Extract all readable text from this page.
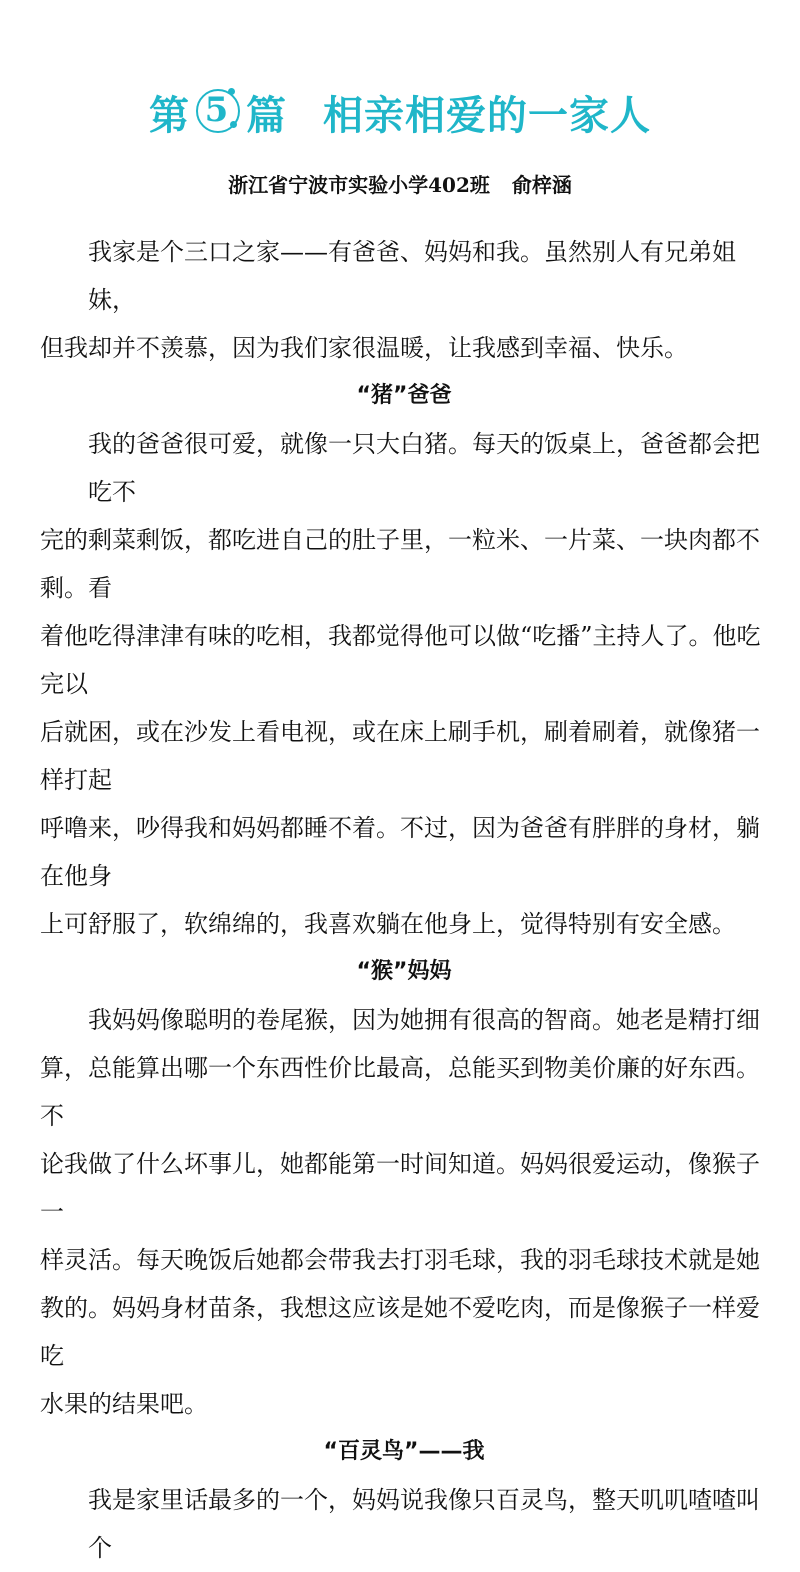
第 5 篇 相亲相爱的一家人
浙江省宁波市实验小学402班 俞梓涵
我家是个三口之家——有爸爸、妈妈和我。虽然别人有兄弟姐妹，
但我却并不羡慕，因为我们家很温暖，让我感到幸福、快乐。
“猪”爸爸
我的爸爸很可爱，就像一只大白猪。每天的饭桌上，爸爸都会把吃不
完的剩菜剩饭，都吃进自己的肚子里，一粒米、一片菜、一块肉都不剩。看
着他吃得津津有味的吃相，我都觉得他可以做“吃播”主持人了。他吃完以
后就困，或在沙发上看电视，或在床上刷手机，刷着刷着，就像猪一样打起
呼噜来，吵得我和妈妈都睡不着。不过，因为爸爸有胖胖的身材，躺在他身
上可舒服了，软绵绵的，我喜欢躺在他身上，觉得特别有安全感。
“猴”妈妈
我妈妈像聪明的卷尾猴，因为她拥有很高的智商。她老是精打细
算，总能算出哪一个东西性价比最高，总能买到物美价廉的好东西。不
论我做了什么坏事儿，她都能第一时间知道。妈妈很爱运动，像猴子一
样灵活。每天晚饭后她都会带我去打羽毛球，我的羽毛球技术就是她
教的。妈妈身材苗条，我想这应该是她不爱吃肉，而是像猴子一样爱吃
水果的结果吧。
“百灵鸟”——我
我是家里话最多的一个，妈妈说我像只百灵鸟，整天叽叽喳喳叫个
